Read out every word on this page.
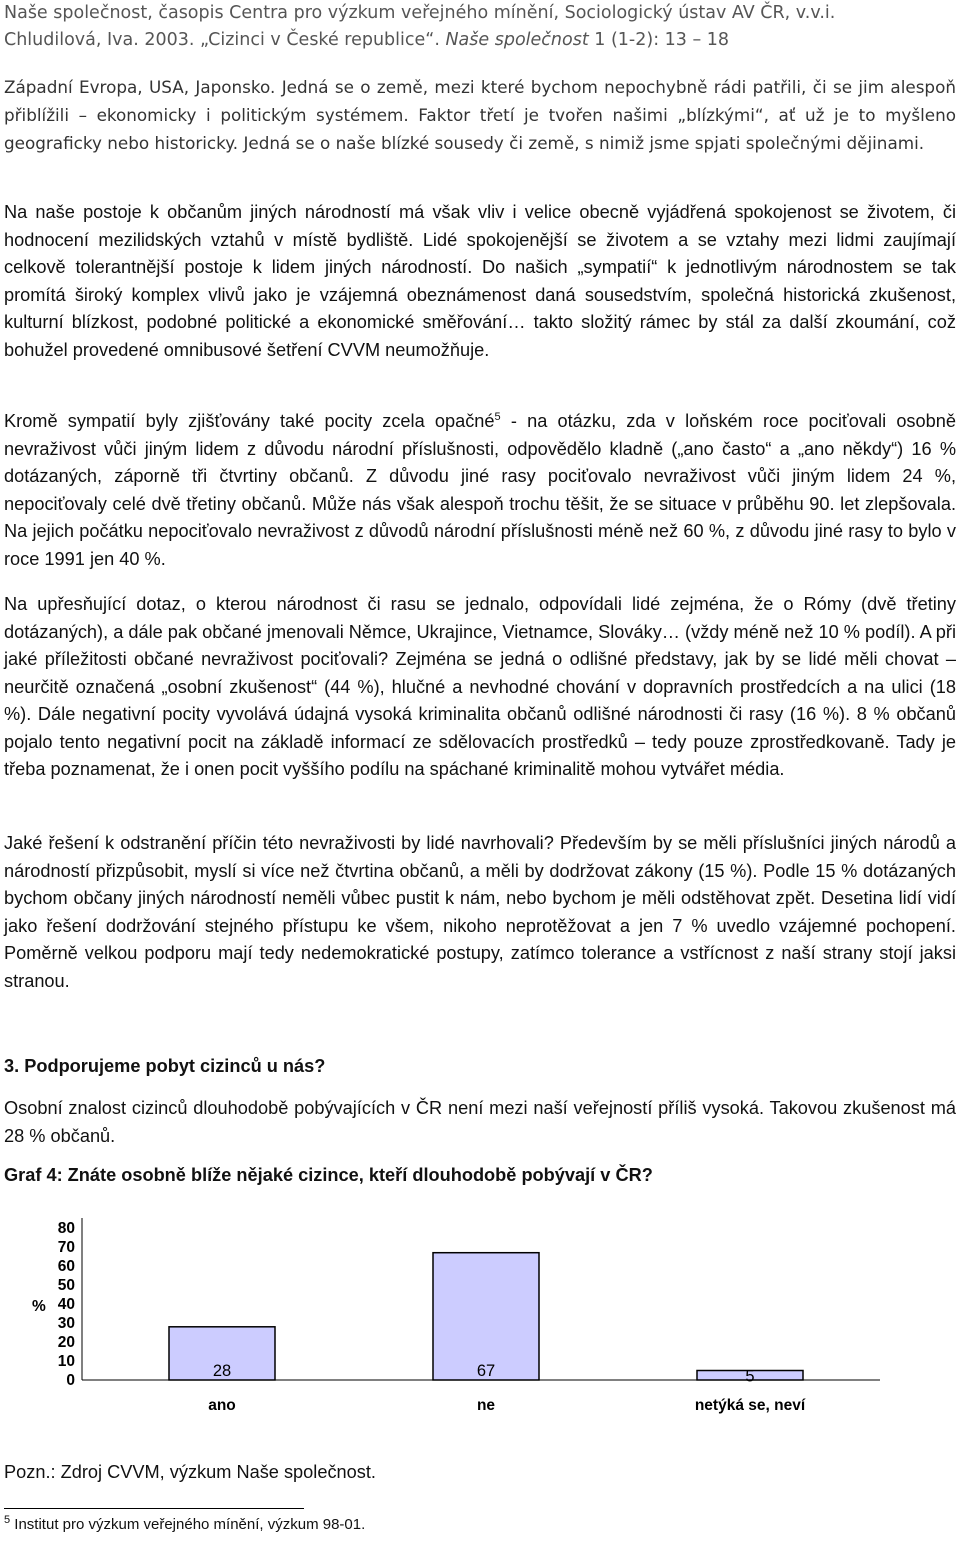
Naše společnost, časopis Centra pro výzkum veřejného mínění, Sociologický ústav AV ČR, v.v.i.
Chludilová, Iva. 2003. „Cizinci v České republice“. Naše společnost 1 (1-2): 13 – 18

Západní Evropa, USA, Japonsko. Jedná se o země, mezi které bychom nepochybně rádi patřili, či se jim alespoň přiblížili – ekonomicky i politickým systémem. Faktor třetí je tvořen našimi „blízkými“, ať už je to myšleno geograficky nebo historicky. Jedná se o naše blízké sousedy či země, s nimiž jsme spjati společnými dějinami.

Na naše postoje k občanům jiných národností má však vliv i velice obecně vyjádřená spokojenost se životem, či hodnocení mezilidských vztahů v místě bydliště. Lidé spokojenější se životem a se vztahy mezi lidmi zaujímají celkově tolerantnější postoje k lidem jiných národností. Do našich „sympatií“ k jednotlivým národnostem se tak promítá široký komplex vlivů jako je vzájemná obeznámenost daná sousedstvím, společná historická zkušenost, kulturní blízkost, podobné politické a ekonomické směřování… takto složitý rámec by stál za další zkoumání, což bohužel provedené omnibusové šetření CVVM neumožňuje.

Kromě sympatií byly zjišťovány také pocity zcela opačné$^5$ - na otázku, zda v loňském roce pociťovali osobně nevraživost vůči jiným lidem z důvodu národní příslušnosti, odpovědělo kladně („ano často“ a „ano někdy“) 16 % dotázaných, záporně tři čtvrtiny občanů. Z důvodu jiné rasy pociťovalo nevraživost vůči jiným lidem 24 %, nepociťovaly celé dvě třetiny občanů. Může nás však alespoň trochu těšit, že se situace v průběhu 90. let zlepšovala. Na jejich počátku nepociťovalo nevraživost z důvodů národní příslušnosti méně než 60 %, z důvodu jiné rasy to bylo v roce 1991 jen 40 %.

Na upřesňující dotaz, o kterou národnost či rasu se jednalo, odpovídali lidé zejména, že o Rómy (dvě třetiny dotázaných), a dále pak občané jmenovali Němce, Ukrajince, Vietnamce, Slováky… (vždy méně než 10 % podíl). A při jaké příležitosti občané nevraživost pociťovali? Zejména se jedná o odlišné představy, jak by se lidé měli chovat – neurčitě označená „osobní zkušenost“ (44 %), hlučné a nevhodné chování v dopravních prostředcích a na ulici (18 %). Dále negativní pocity vyvolává údajná vysoká kriminalita občanů odlišné národnosti či rasy (16 %). 8 % občanů pojalo tento negativní pocit na základě informací ze sdělovacích prostředků – tedy pouze zprostředkovaně. Tady je třeba poznamenat, že i onen pocit vyššího podílu na spáchané kriminalitě mohou vytvářet média.

Jaké řešení k odstranění příčin této nevraživosti by lidé navrhovali? Především by se měli příslušníci jiných národů a národností přizpůsobit, myslí si více než čtvrtina občanů, a měli by dodržovat zákony (15 %). Podle 15 % dotázaných bychom občany jiných národností neměli vůbec pustit k nám, nebo bychom je měli odstěhovat zpět. Desetina lidí vidí jako řešení dodržování stejného přístupu ke všem, nikoho neprotěžovat a jen 7 % uvedlo vzájemné pochopení. Poměrně velkou podporu mají tedy nedemokratické postupy, zatímco tolerance a vstřícnost z naší strany stojí jaksi stranou.

3. Podporujeme pobyt cizinců u nás?

Osobní znalost cizinců dlouhodobě pobývajících v ČR není mezi naší veřejností příliš vysoká. Takovou zkušenost má 28 % občanů.

Graf 4: Znáte osobně blíže nějaké cizince, kteří dlouhodobě pobývají v ČR?

80
70
60
50
40
30
20
10
0
%
28	67	5
ano	ne	netýká se, neví

Pozn.: Zdroj CVVM, výzkum Naše společnost.

$^5$ Institut pro výzkum veřejného mínění, výzkum 98-01.
